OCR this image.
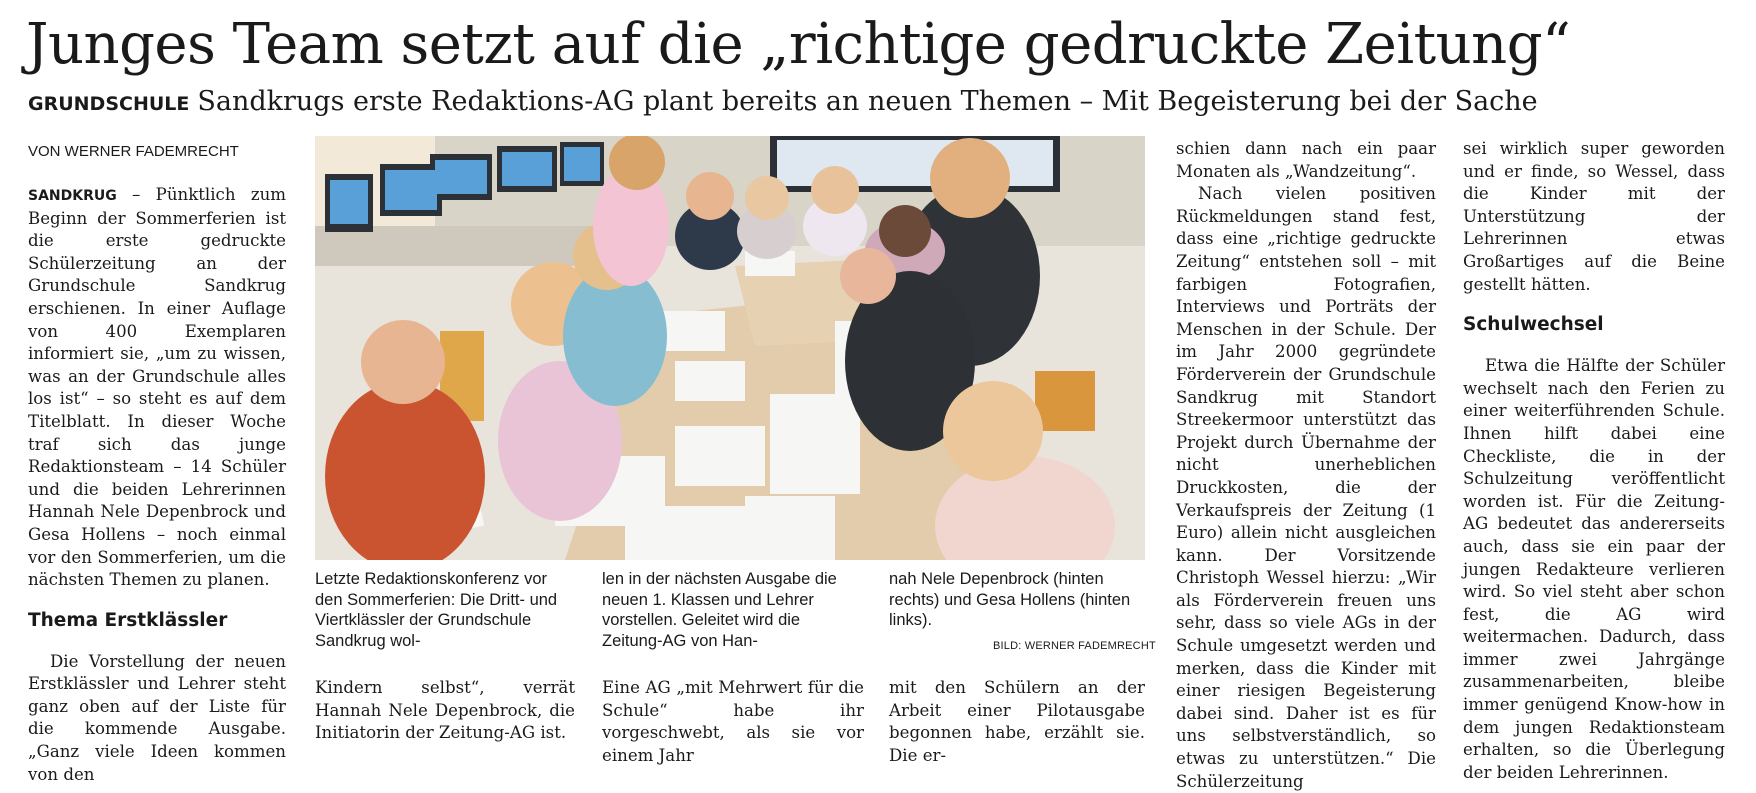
Junges Team setzt auf die „richtige gedruckte Zeitung“
GRUNDSCHULE Sandkrugs erste Redaktions-AG plant bereits an neuen Themen – Mit Begeisterung bei der Sache
VON WERNER FADEMRECHT

SANDKRUG – Pünktlich zum Beginn der Sommerferien ist die erste gedruckte Schülerzeitung an der Grundschule Sandkrug erschienen. In einer Auflage von 400 Exemplaren informiert sie, „um zu wissen, was an der Grundschule alles los ist“ – so steht es auf dem Titelblatt. In dieser Woche traf sich das junge Redaktionsteam – 14 Schüler und die beiden Lehrerinnen Hannah Nele Depenbrock und Gesa Hollens – noch einmal vor den Sommerferien, um die nächsten Themen zu planen.

Thema Erstklässler

Die Vorstellung der neuen Erstklässler und Lehrer steht ganz oben auf der Liste für die kommende Ausgabe. „Ganz viele Ideen kommen von den

Letzte Redaktionskonferenz vor den Sommerferien: Die Dritt- und Viertklässler der Grundschule Sandkrug wol-
len in der nächsten Ausgabe die neuen 1. Klassen und Lehrer vorstellen. Geleitet wird die Zeitung-AG von Han-
nah Nele Depenbrock (hinten rechts) und Gesa Hollens (hinten links).
BILD: WERNER FADEMRECHT
Kindern selbst“, verrät Hannah Nele Depenbrock, die Initiatorin der Zeitung-AG ist.
Eine AG „mit Mehrwert für die Schule“ habe ihr vorgeschwebt, als sie vor einem Jahr
mit den Schülern an der Arbeit einer Pilotausgabe begonnen habe, erzählt sie. Die er-

schien dann nach ein paar Monaten als „Wandzeitung“.

Nach vielen positiven Rückmeldungen stand fest, dass eine „richtige gedruckte Zeitung“ entstehen soll – mit farbigen Fotografien, Interviews und Porträts der Menschen in der Schule. Der im Jahr 2000 gegründete Förderverein der Grundschule Sandkrug mit Standort Streekermoor unterstützt das Projekt durch Übernahme der nicht unerheblichen Druckkosten, die der Verkaufspreis der Zeitung (1 Euro) allein nicht ausgleichen kann. Der Vorsitzende Christoph Wessel hierzu: „Wir als Förderverein freuen uns sehr, dass so viele AGs in der Schule umgesetzt werden und merken, dass die Kinder mit einer riesigen Begeisterung dabei sind. Daher ist es für uns selbstverständlich, so etwas zu unterstützen.“ Die Schülerzeitung

sei wirklich super geworden und er finde, so Wessel, dass die Kinder mit der Unterstützung der Lehrerinnen etwas Großartiges auf die Beine gestellt hätten.

Schulwechsel

Etwa die Hälfte der Schüler wechselt nach den Ferien zu einer weiterführenden Schule. Ihnen hilft dabei eine Checkliste, die in der Schulzeitung veröffentlicht worden ist. Für die Zeitung-AG bedeutet das andererseits auch, dass sie ein paar der jungen Redakteure verlieren wird. So viel steht aber schon fest, die AG wird weitermachen. Dadurch, dass immer zwei Jahrgänge zusammenarbeiten, bleibe immer genügend Know-how in dem jungen Redaktionsteam erhalten, so die Überlegung der beiden Lehrerinnen.
